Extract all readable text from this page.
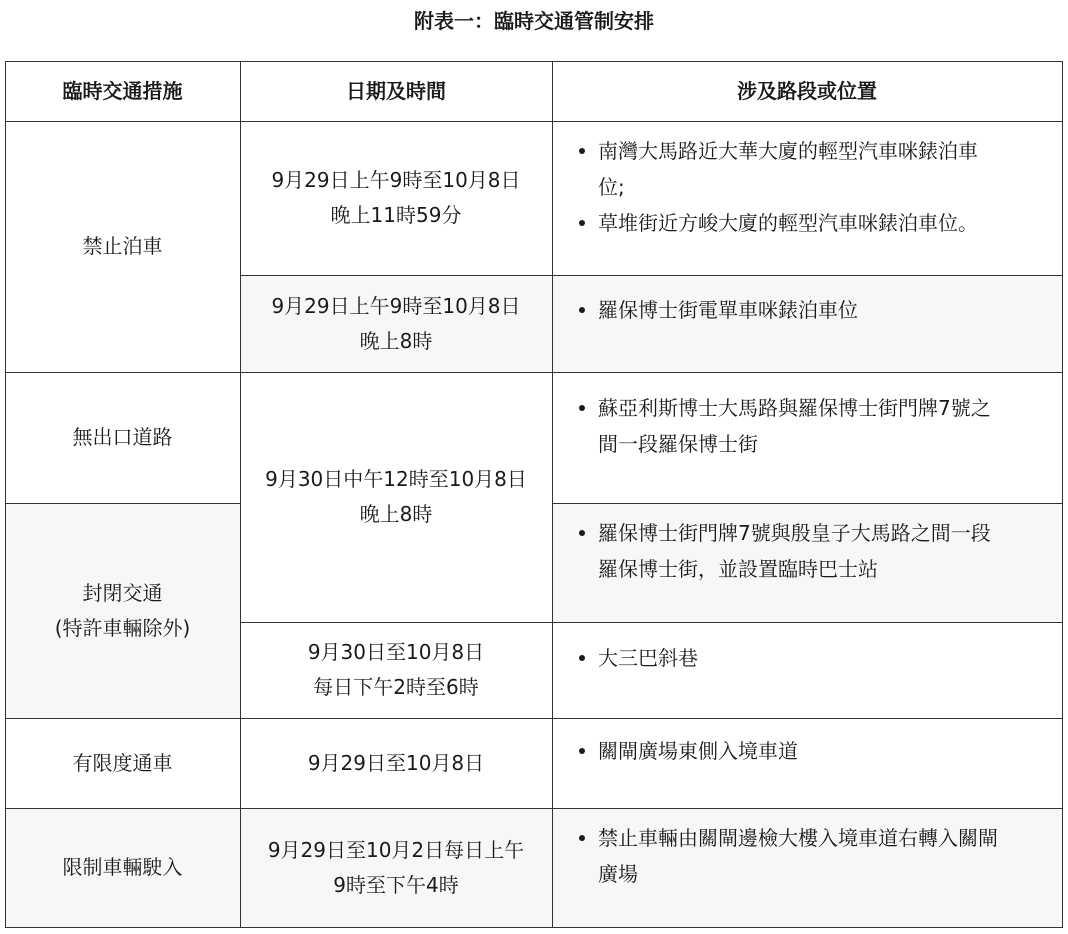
附表一：臨時交通管制安排
臨時交通措施	日期及時間	涉及路段或位置
禁止泊車
無出口道路
封閉交通
(特許車輛除外)
有限度通車
限制車輛駛入
9月29日上午9時至10月8日
晚上11時59分
9月29日上午9時至10月8日
晚上8時
9月30日中午12時至10月8日
晚上8時
9月30日至10月8日
每日下午2時至6時
9月29日至10月8日
9月29日至10月2日每日上午
9時至下午4時
南灣大馬路近大華大廈的輕型汽車咪錶泊車
位;
草堆街近方峻大廈的輕型汽車咪錶泊車位。
羅保博士街電單車咪錶泊車位
蘇亞利斯博士大馬路與羅保博士街門牌7號之
間一段羅保博士街
羅保博士街門牌7號與殷皇子大馬路之間一段
羅保博士街，並設置臨時巴士站
大三巴斜巷
關閘廣場東側入境車道
禁止車輛由關閘邊檢大樓入境車道右轉入關閘
廣場
